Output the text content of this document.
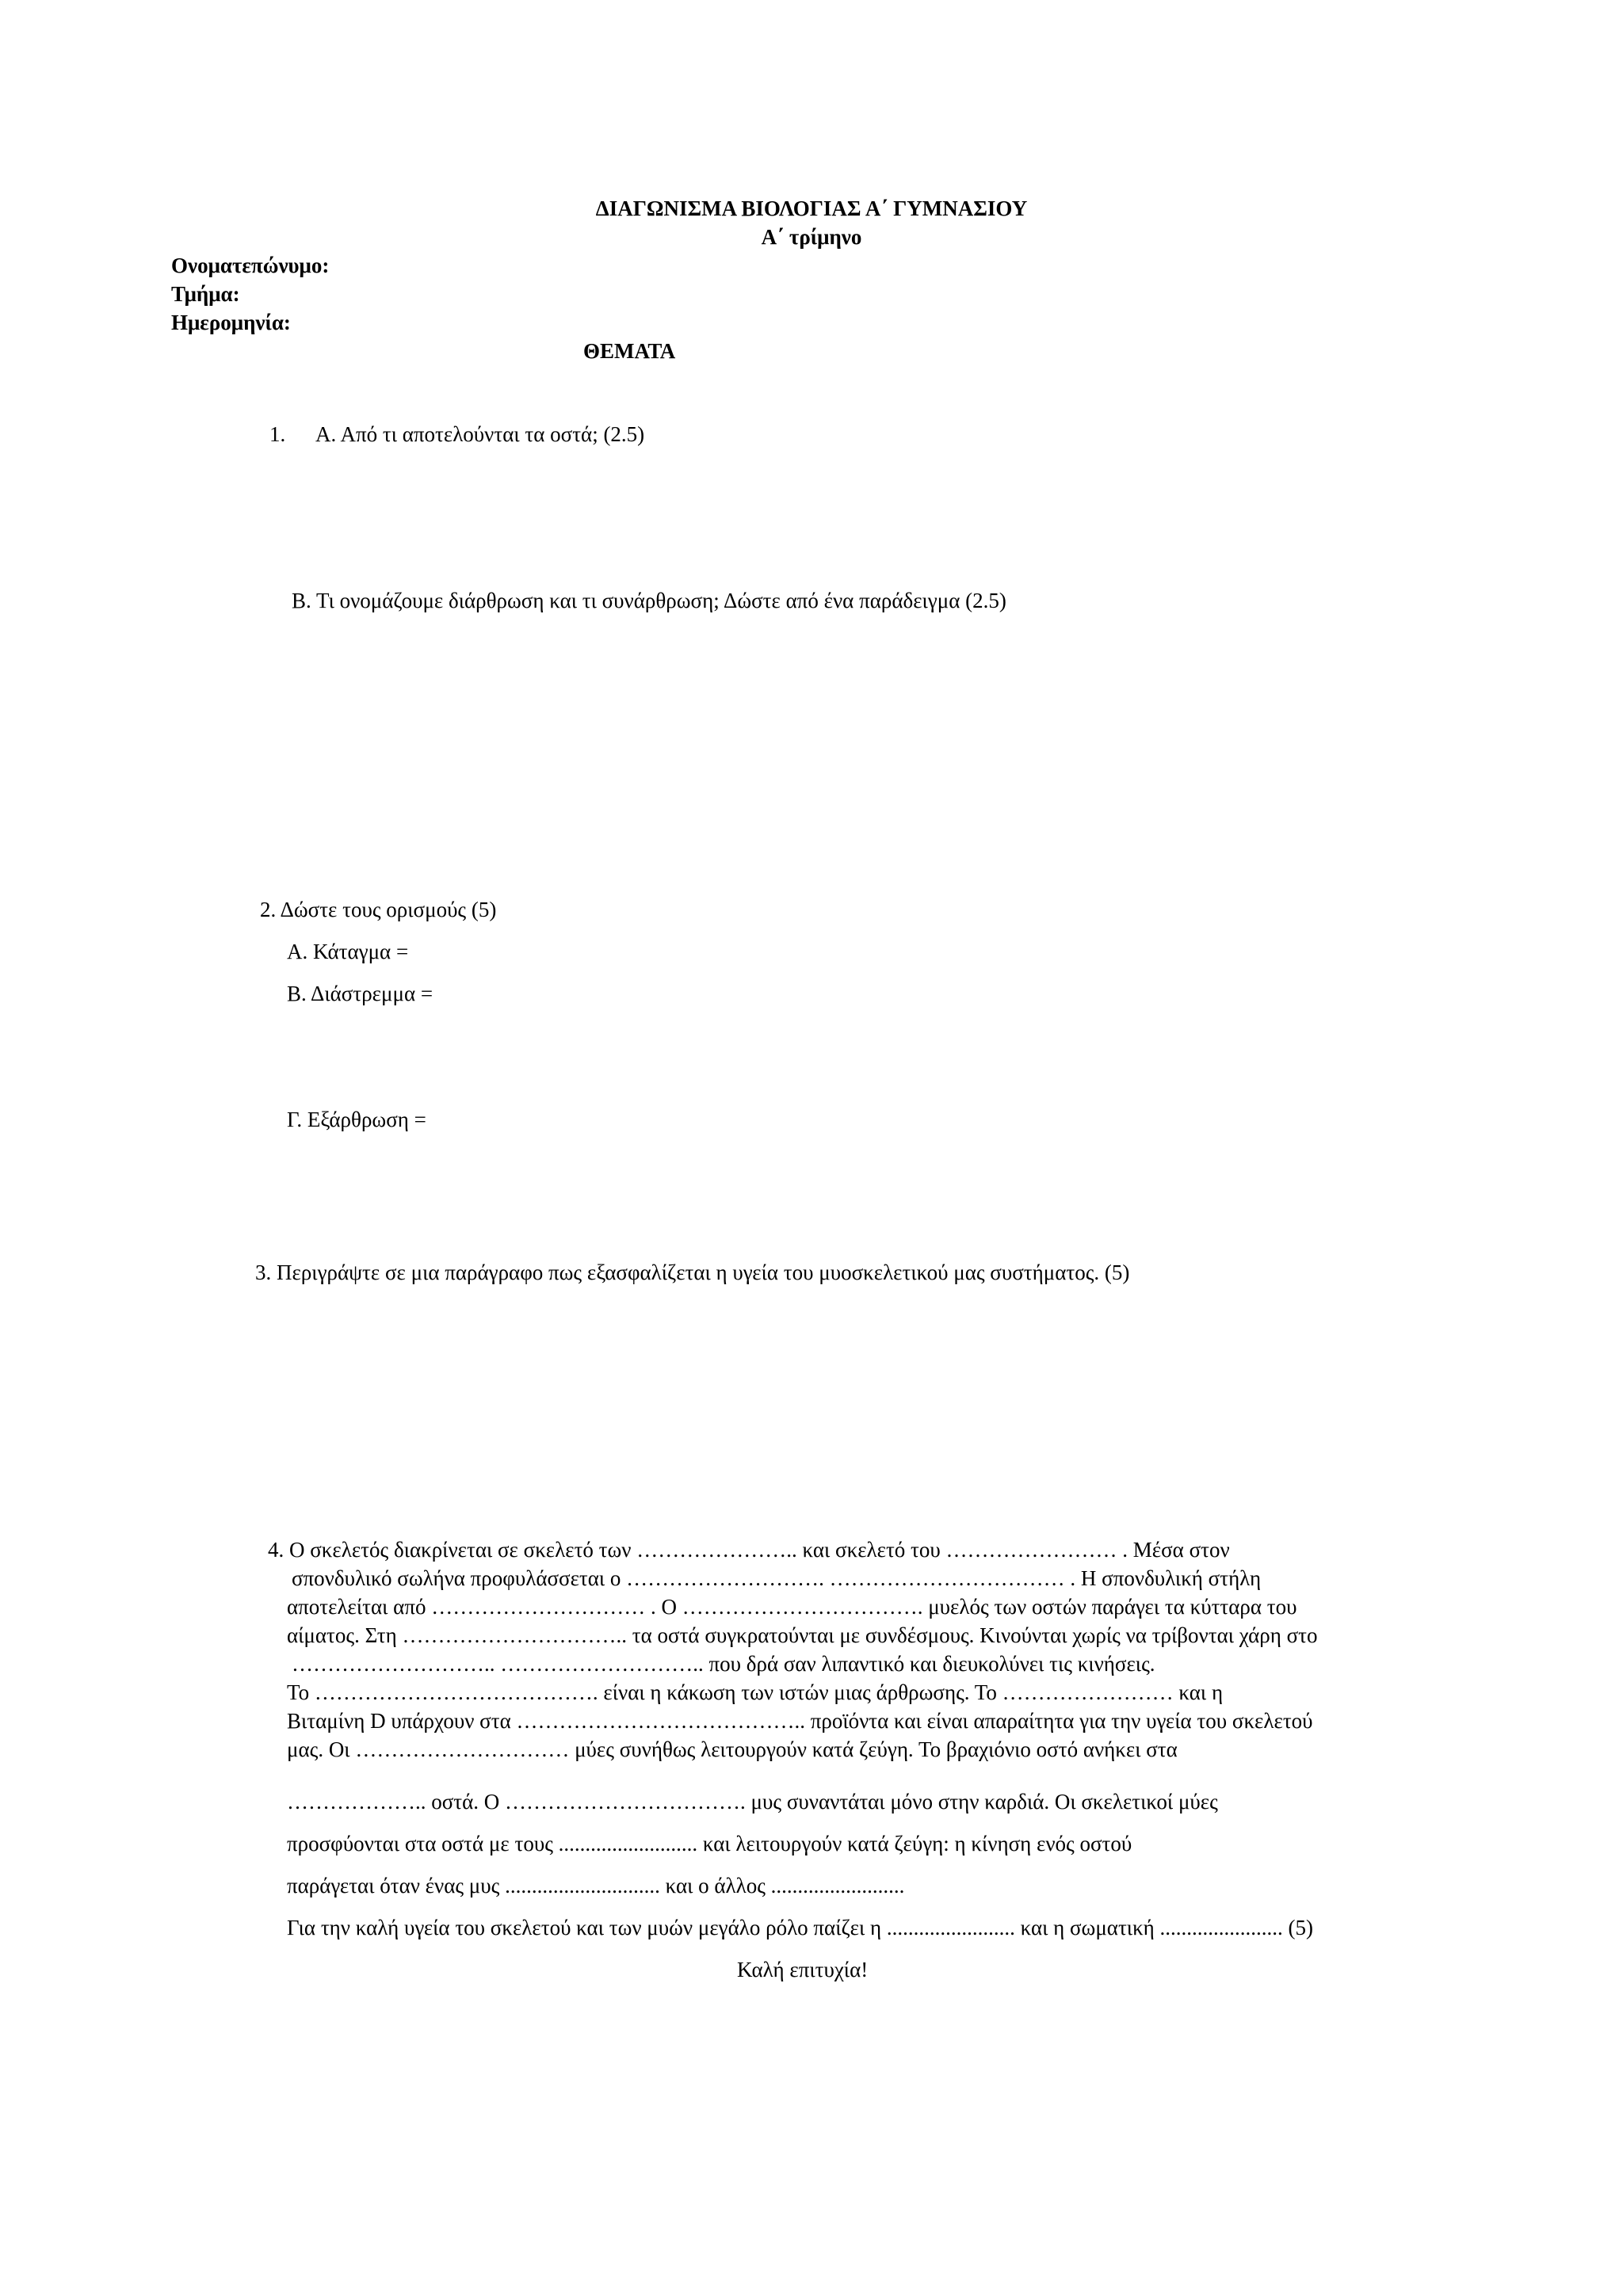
ΔΙΑΓΩΝΙΣΜΑ ΒΙΟΛΟΓΙΑΣ Α΄ ΓΥΜΝΑΣΙΟΥ
Α΄ τρίμηνο
Ονοματεπώνυμο:
Τμήμα:
Ημερομηνία:
ΘΕΜΑΤΑ
1. Α. Από τι αποτελούνται τα οστά; (2.5)
Β. Τι ονομάζουμε διάρθρωση και τι συνάρθρωση; Δώστε από ένα παράδειγμα (2.5)
2. Δώστε τους ορισμούς (5)
Α. Κάταγμα =
Β. Διάστρεμμα =
Γ. Εξάρθρωση =
3. Περιγράψτε σε μια παράγραφο πως εξασφαλίζεται η υγεία του μυοσκελετικού μας συστήματος. (5)
4. Ο σκελετός διακρίνεται σε σκελετό των ………………….. και σκελετό του …………………… . Μέσα στον
σπονδυλικό σωλήνα προφυλάσσεται ο ………………………. …………………………… . Η σπονδυλική στήλη
αποτελείται από ………………………… . Ο ……………………………. μυελός των οστών παράγει τα κύτταρα του
αίματος. Στη ………………………….. τα οστά συγκρατούνται με συνδέσμους. Κινούνται χωρίς να τρίβονται χάρη στο
……………………….. ……………………….. που δρά σαν λιπαντικό και διευκολύνει τις κινήσεις.
Το …………………………………. είναι η κάκωση των ιστών μιας άρθρωσης. Το …………………… και η
Βιταμίνη D υπάρχουν στα ………………………………….. προϊόντα και είναι απαραίτητα για την υγεία του σκελετού
μας. Οι ………………………… μύες συνήθως λειτουργούν κατά ζεύγη. Το βραχιόνιο οστό ανήκει στα
……………….. οστά. Ο ……………………………. μυς συναντάται μόνο στην καρδιά. Οι σκελετικοί μύες
προσφύονται στα οστά με τους .......................... και λειτουργούν κατά ζεύγη: η κίνηση ενός οστού
παράγεται όταν ένας μυς ............................. και ο άλλος .........................
Για την καλή υγεία του σκελετού και των μυών μεγάλο ρόλο παίζει η ........................ και η σωματική ....................... (5)
Καλή επιτυχία!
